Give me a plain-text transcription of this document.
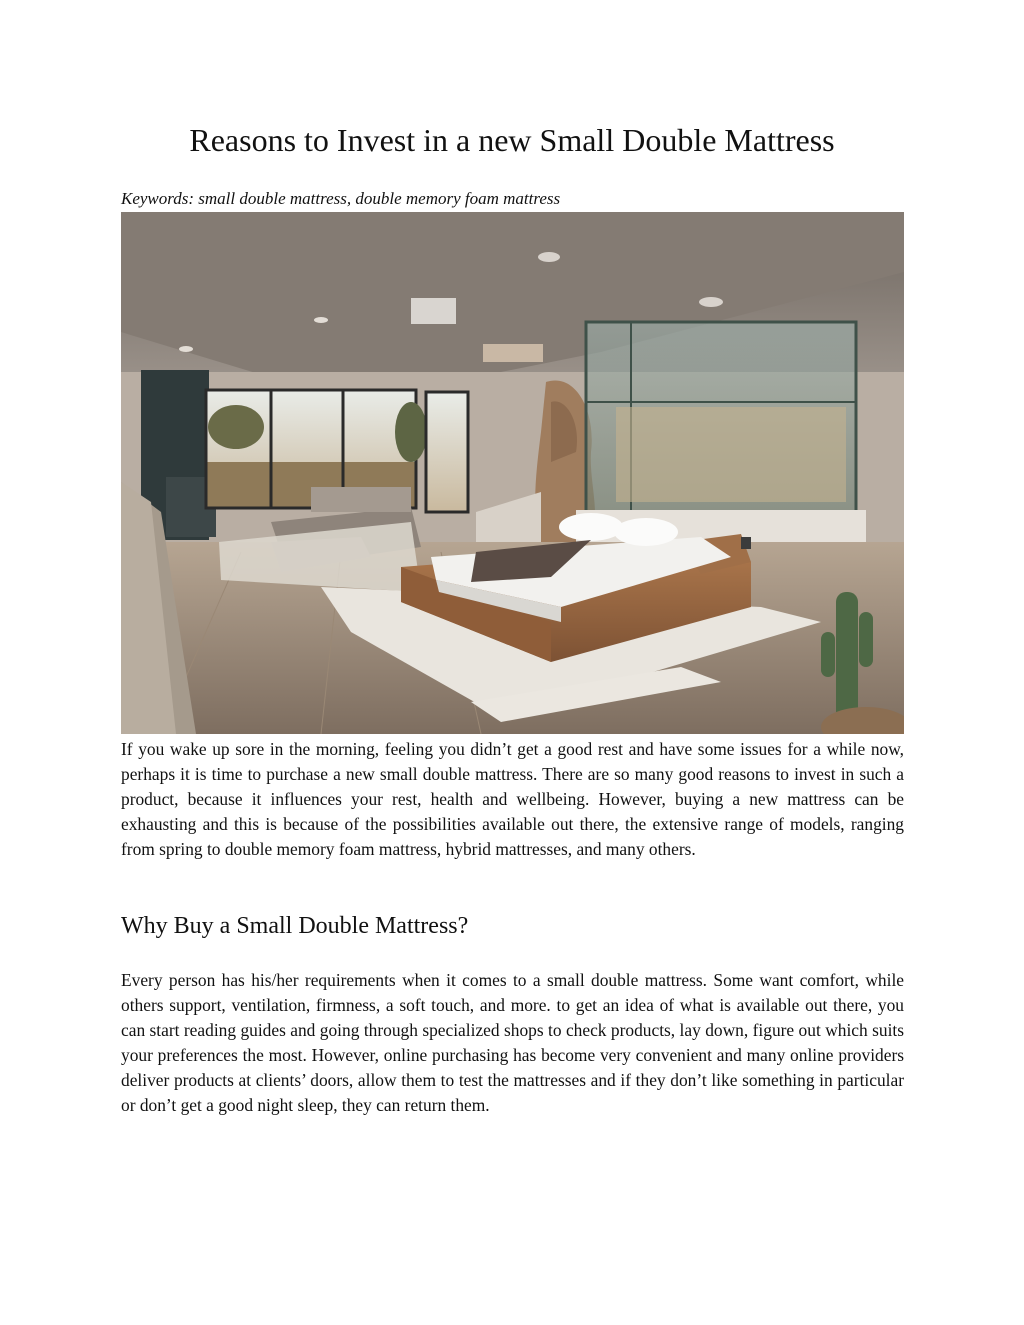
Reasons to Invest in a new Small Double Mattress

Keywords: small double mattress, double memory foam mattress

If you wake up sore in the morning, feeling you didn’t get a good rest and have some issues for a while now, perhaps it is time to purchase a new small double mattress. There are so many good reasons to invest in such a product, because it influences your rest, health and wellbeing. However, buying a new mattress can be exhausting and this is because of the possibilities available out there, the extensive range of models, ranging from spring to double memory foam mattress, hybrid mattresses, and many others.

Why Buy a Small Double Mattress?

Every person has his/her requirements when it comes to a small double mattress. Some want comfort, while others support, ventilation, firmness, a soft touch, and more. to get an idea of what is available out there, you can start reading guides and going through specialized shops to check products, lay down, figure out which suits your preferences the most. However, online purchasing has become very convenient and many online providers deliver products at clients’ doors, allow them to test the mattresses and if they don’t like something in particular or don’t get a good night sleep, they can return them.
